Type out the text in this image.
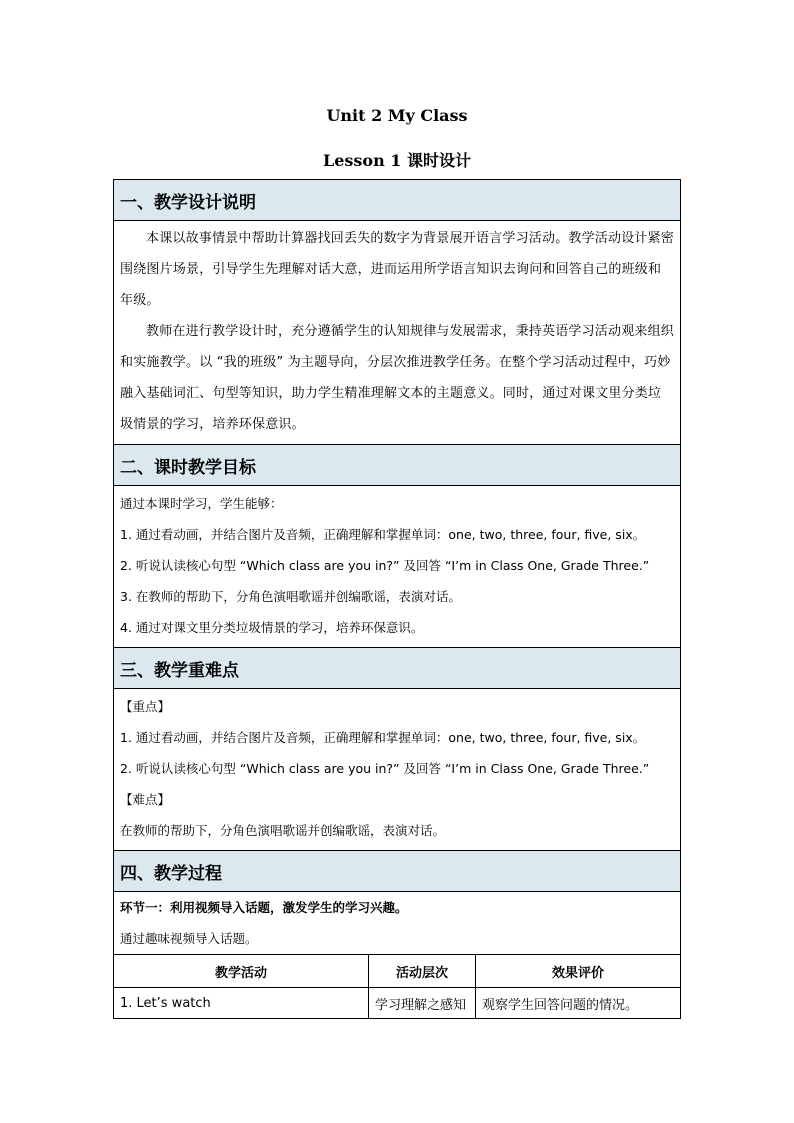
Unit 2 My Class
Lesson 1 课时设计
一、教学设计说明
本课以故事情景中帮助计算器找回丢失的数字为背景展开语言学习活动。教学活动设计紧密围绕图片场景，引导学生先理解对话大意，进而运用所学语言知识去询问和回答自己的班级和年级。
教师在进行教学设计时，充分遵循学生的认知规律与发展需求，秉持英语学习活动观来组织和实施教学。以 “我的班级” 为主题导向，分层次推进教学任务。在整个学习活动过程中，巧妙融入基础词汇、句型等知识，助力学生精准理解文本的主题意义。同时，通过对课文里分类垃圾情景的学习，培养环保意识。
二、课时教学目标
通过本课时学习，学生能够：
1. 通过看动画，并结合图片及音频，正确理解和掌握单词：one, two, three, four, five, six。
2. 听说认读核心句型 “Which class are you in?” 及回答 “I’m in Class One, Grade Three.”
3. 在教师的帮助下，分角色演唱歌谣并创编歌谣，表演对话。
4. 通过对课文里分类垃圾情景的学习，培养环保意识。
三、教学重难点
【重点】
1. 通过看动画，并结合图片及音频，正确理解和掌握单词：one, two, three, four, five, six。
2. 听说认读核心句型 “Which class are you in?” 及回答 “I’m in Class One, Grade Three.”
【难点】
在教师的帮助下，分角色演唱歌谣并创编歌谣，表演对话。
四、教学过程
环节一：利用视频导入话题，激发学生的学习兴趣。
通过趣味视频导入话题。
教学活动	活动层次	效果评价
1. Let’s watch	学习理解之感知	观察学生回答问题的情况。
